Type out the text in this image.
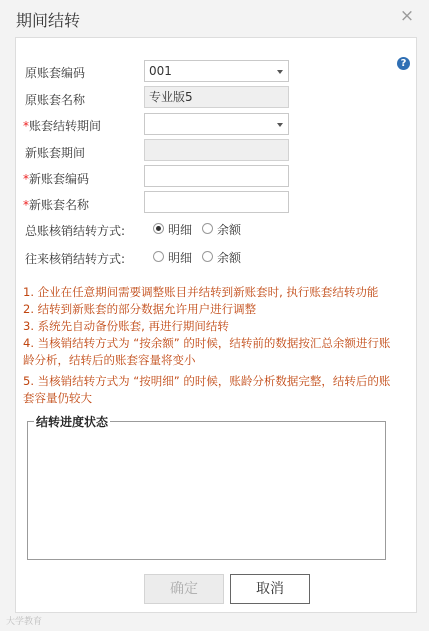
期间结转	×
?
原账套编码	001
原账套名称	专业版5
*账套结转期间
新账套期间
*新账套编码
*新账套名称
总账核销结转方式:	明细 余额
往来核销结转方式:	明细 余额
1. 企业在任意期间需要调整账目并结转到新账套时, 执行账套结转功能
2. 结转到新账套的部分数据允许用户进行调整
3. 系统先自动备份账套, 再进行期间结转
4. 当核销结转方式为 “按余额” 的时候，结转前的数据按汇总余额进行账龄分析，结转后的账套容量将变小
5. 当核销结转方式为 “按明细” 的时候，账龄分析数据完整，结转后的账套容量仍较大
结转进度状态
确定	取消
大学教育
